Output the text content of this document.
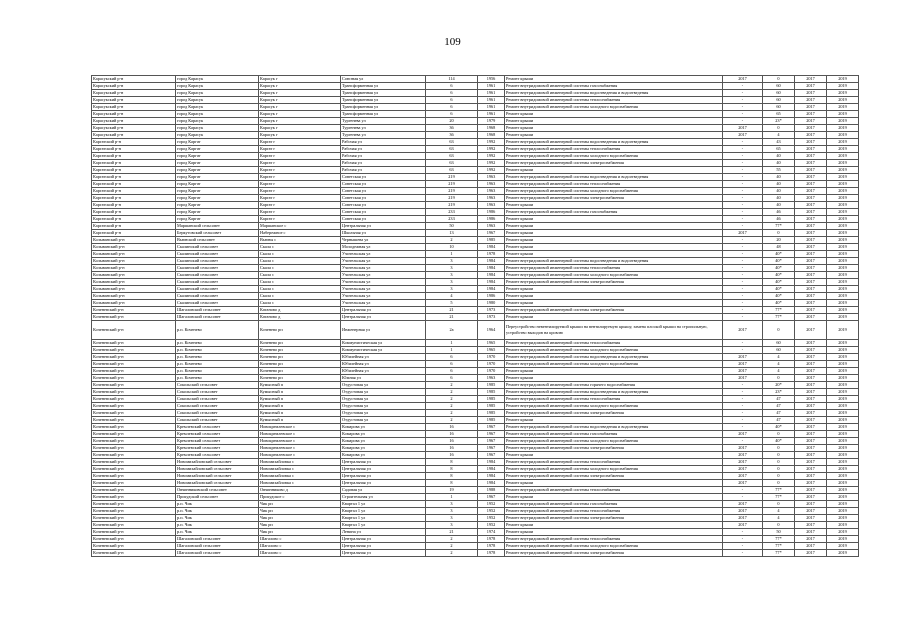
109
Карасукский р-н	город Карасук	Карасук г	Союзная ул	114	1956	Ремонт крыши	2017	0	2017	2019
Карасукский р-н	город Карасук	Карасук г	Трансформенная ул	6	1961	Ремонт внутридомовой инженерной системы газоснабжения	-	60	2017	2019
Карасукский р-н	город Карасук	Карасук г	Трансформенная ул	6	1961	Ремонт внутридомовой инженерной системы водоотведения и водоотведения	-	60	2017	2019
Карасукский р-н	город Карасук	Карасук г	Трансформенная ул	6	1961	Ремонт внутридомовой инженерной системы теплоснабжения	-	60	2017	2019
Карасукский р-н	город Карасук	Карасук г	Трансформенная ул	6	1961	Ремонт внутридомовой инженерной системы холодного водоснабжения	-	60	2017	2019
Карасукский р-н	город Карасук	Карасук г	Трансформенная ул	6	1961	Ремонт крыши	-	65	2017	2019
Карасукский р-н	город Карасук	Карасук г	Тургенева ул	20	1979	Ремонт крыши	-	23*	2017	2019
Карасукский р-н	город Карасук	Карасук г	Тургенева ул	36	1968	Ремонт крыши	2017	0	2017	2019
Карасукский р-н	город Карасук	Карасук г	Тургенева ул	36	1968	Ремонт крыши	2017	4	2017	2019
Каргатский р-н	город Каргат	Каргат г	Рабочая ул	63	1992	Ремонт внутридомовой инженерной системы водоотведения и водоотведения	-	43	2017	2019
Каргатский р-н	город Каргат	Каргат г	Рабочая ул	63	1992	Ремонт внутридомовой инженерной системы теплоснабжения	-	65	2017	2019
Каргатский р-н	город Каргат	Каргат г	Рабочая ул	63	1992	Ремонт внутридомовой инженерной системы холодного водоснабжения	-	40	2017	2019
Каргатский р-н	город Каргат	Каргат г	Рабочая ул	63	1992	Ремонт внутридомовой инженерной системы электроснабжения	-	40	2017	2019
Каргатский р-н	город Каргат	Каргат г	Рабочая ул	63	1992	Ремонт крыши	-	55	2017	2019
Каргатский р-н	город Каргат	Каргат г	Советская ул	219	1963	Ремонт внутридомовой инженерной системы водоотведения и водоотведения	-	40	2017	2019
Каргатский р-н	город Каргат	Каргат г	Советская ул	219	1963	Ремонт внутридомовой инженерной системы теплоснабжения	-	40	2017	2019
Каргатский р-н	город Каргат	Каргат г	Советская ул	219	1963	Ремонт внутридомовой инженерной системы холодного водоснабжения	-	40	2017	2019
Каргатский р-н	город Каргат	Каргат г	Советская ул	219	1963	Ремонт внутридомовой инженерной системы электроснабжения	-	40	2017	2019
Каргатский р-н	город Каргат	Каргат г	Советская ул	219	1963	Ремонт крыши	-	40	2017	2019
Каргатский р-н	город Каргат	Каргат г	Советская ул	233	1986	Ремонт внутридомовой инженерной системы газоснабжения	-	46	2017	2019
Каргатский р-н	город Каргат	Каргат г	Советская ул	233	1986	Ремонт крыши	-	46	2017	2019
Каргатский р-н	Маршанский сельсовет	Маршанское с	Центральная ул	50	1963	Ремонт крыши	-	77*	2017	2019
Каргатский р-н	Беркутовский сельсовет	Набережное с	Школьная ул	13	1967	Ремонт крыши	2017	0	2017	2019
Колыванский р-н	Вьюнский сельсовет	Вьюны с	Чернышева ул	2	1985	Ремонт крыши	-	20	2017	2019
Колыванский р-н	Скалинский сельсовет	Скала с	Молодежная ул	10	1984	Ремонт крыши	-	48	2017	2019
Колыванский р-н	Скалинский сельсовет	Скала с	Учительская ул	1	1978	Ремонт крыши	-	40*	2017	2019
Колыванский р-н	Скалинский сельсовет	Скала с	Учительская ул	3	1984	Ремонт внутридомовой инженерной системы водоотведения и водоотведения	-	40*	2017	2019
Колыванский р-н	Скалинский сельсовет	Скала с	Учительская ул	3	1984	Ремонт внутридомовой инженерной системы теплоснабжения	-	40*	2017	2019
Колыванский р-н	Скалинский сельсовет	Скала с	Учительская ул	3	1984	Ремонт внутридомовой инженерной системы холодного водоснабжения	-	40*	2017	2019
Колыванский р-н	Скалинский сельсовет	Скала с	Учительская ул	3	1984	Ремонт внутридомовой инженерной системы электроснабжения	-	40*	2017	2019
Колыванский р-н	Скалинский сельсовет	Скала с	Учительская ул	3	1984	Ремонт крыши	-	40*	2017	2019
Колыванский р-н	Скалинский сельсовет	Скала с	Учительская ул	4	1986	Ремонт крыши	-	40*	2017	2019
Колыванский р-н	Скалинский сельсовет	Скала с	Учительская ул	5	1980	Ремонт крыши	-	40*	2017	2019
Коченевский р-н	Шагаловский сельсовет	Катаново д	Центральная ул	21	1973	Ремонт внутридомовой инженерной системы электроснабжения	-	77*	2017	2019
Коченевский р-н	Шагаловский сельсовет	Катаново д	Центральная ул	21	1973	Ремонт крыши	-	77*	2017	2019
Коченевский р-н	р.п. Коченево	Коченево рп	Инженерная ул	2а	1964	Переустройство невентилируемой крыши на вентилируемую крышу, замена плоской крыши на стропильную, устройство выходов на кровлю	2017	0	2017	2019
Коченевский р-н	р.п. Коченево	Коченево рп	Коммунистическая ул	1	1965	Ремонт внутридомовой инженерной системы теплоснабжения	-	60	2017	2019
Коченевский р-н	р.п. Коченево	Коченево рп	Коммунистическая ул	1	1965	Ремонт внутридомовой инженерной системы холодного водоснабжения	-	60	2017	2019
Коченевский р-н	р.п. Коченево	Коченево рп	Юбилейная ул	6	1970	Ремонт внутридомовой инженерной системы водоотведения и водоотведения	2017	4	2017	2019
Коченевский р-н	р.п. Коченево	Коченево рп	Юбилейная ул	6	1970	Ремонт внутридомовой инженерной системы холодного водоснабжения	2017	4	2017	2019
Коченевский р-н	р.п. Коченево	Коченево рп	Юбилейная ул	6	1970	Ремонт крыши	2017	4	2017	2019
Коченевский р-н	р.п. Коченево	Коченево рп	Южная ул	6	1963	Ремонт крыши	2017	0	2017	2019
Коченевский р-н	Сокольский сельсовет	Кумысный п	Отдустовая ул	2	1985	Ремонт внутридомовой инженерной системы горячего водоснабжения	-	20*	2017	2019
Коченевский р-н	Сокольский сельсовет	Кумысный п	Отдустовая ул	2	1985	Ремонт внутридомовой инженерной системы водоотведения и водоотведения	-	23*	2017	2019
Коченевский р-н	Сокольский сельсовет	Кумысный п	Отдустовая ул	2	1985	Ремонт внутридомовой инженерной системы теплоснабжения	-	47	2017	2019
Коченевский р-н	Сокольский сельсовет	Кумысный п	Отдустовая ул	2	1985	Ремонт внутридомовой инженерной системы холодного водоснабжения	-	47	2017	2019
Коченевский р-н	Сокольский сельсовет	Кумысный п	Отдустовая ул	2	1985	Ремонт внутридомовой инженерной системы электроснабжения	-	47	2017	2019
Коченевский р-н	Сокольский сельсовет	Кумысный п	Отдустовая ул	2	1985	Ремонт крыши	-	47	2017	2019
Коченевский р-н	Кремлевский сельсовет	Новокремлевское с	Комарова ул	16	1967	Ремонт внутридомовой инженерной системы водоотведения и водоотведения	-	40*	2017	2019
Коченевский р-н	Кремлевский сельсовет	Новокремлевское с	Комарова ул	16	1967	Ремонт внутридомовой инженерной системы газоснабжения	2017	0	2017	2019
Коченевский р-н	Кремлевский сельсовет	Новокремлевское с	Комарова ул	16	1967	Ремонт внутридомовой инженерной системы холодного водоснабжения	-	40*	2017	2019
Коченевский р-н	Кремлевский сельсовет	Новокремлевское с	Комарова ул	16	1967	Ремонт внутридомовой инженерной системы электроснабжения	2017	0	2017	2019
Коченевский р-н	Кремлевский сельсовет	Новокремлевское с	Комарова ул	16	1967	Ремонт крыши	2017	0	2017	2019
Коченевский р-н	Новомихайловский сельсовет	Новомихайловка с	Центральная ул	8	1984	Ремонт внутридомовой инженерной системы теплоснабжения	2017	0	2017	2019
Коченевский р-н	Новомихайловский сельсовет	Новомихайловка с	Центральная ул	8	1984	Ремонт внутридомовой инженерной системы холодного водоснабжения	2017	0	2017	2019
Коченевский р-н	Новомихайловский сельсовет	Новомихайловка с	Центральная ул	8	1984	Ремонт внутридомовой инженерной системы электроснабжения	2017	0	2017	2019
Коченевский р-н	Новомихайловский сельсовет	Новомихайловка с	Центральная ул	8	1984	Ремонт крыши	2017	0	2017	2019
Коченевский р-н	Овчинниковский сельсовет	Овчинниково д	Садовая ул	19	1988	Ремонт внутридомовой инженерной системы теплоснабжения	-	77*	2017	2019
Коченевский р-н	Прокудский сельсовет	Прокудское с	Строительная ул	1	1967	Ремонт крыши	-	77*	2017	2019
Коченевский р-н	р.п. Чик	Чик рп	Квартал 1 ул	3	1952	Ремонт внутридомовой инженерной системы газоснабжения	2017	0	2017	2019
Коченевский р-н	р.п. Чик	Чик рп	Квартал 1 ул	3	1952	Ремонт внутридомовой инженерной системы теплоснабжения	2017	4	2017	2019
Коченевский р-н	р.п. Чик	Чик рп	Квартал 1 ул	3	1952	Ремонт внутридомовой инженерной системы электроснабжения	2017	4	2017	2019
Коченевский р-н	р.п. Чик	Чик рп	Квартал 1 ул	3	1952	Ремонт крыши	2017	0	2017	2019
Коченевский р-н	р.п. Чик	Чик рп	Ленина ул	21	1974	Ремонт крыши	-	50	2017	2019
Коченевский р-н	Шагаловский сельсовет	Шагалово с	Центральная ул	2	1978	Ремонт внутридомовой инженерной системы теплоснабжения	-	77*	2017	2019
Коченевский р-н	Шагаловский сельсовет	Шагалово с	Центральная ул	2	1978	Ремонт внутридомовой инженерной системы холодного водоснабжения	-	77*	2017	2019
Коченевский р-н	Шагаловский сельсовет	Шагалово с	Центральная ул	2	1978	Ремонт внутридомовой инженерной системы электроснабжения	-	77*	2017	2019
